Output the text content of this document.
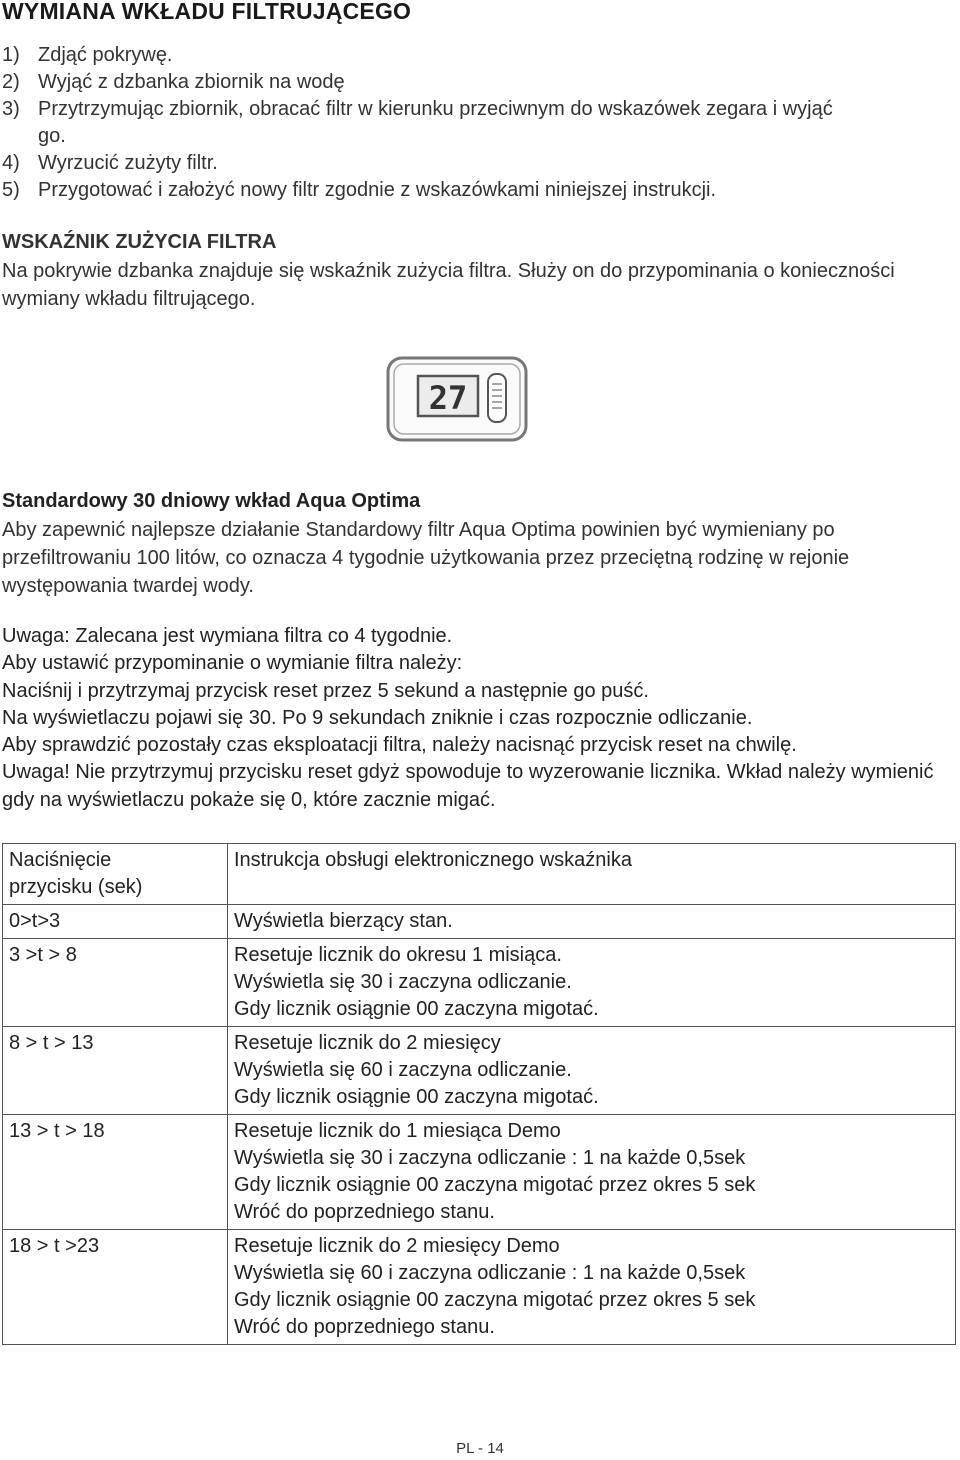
WYMIANA WKŁADU FILTRUJĄCEGO
1) Zdjąć pokrywę.
2) Wyjąć z dzbanka zbiornik na wodę
3) Przytrzymując zbiornik, obracać filtr w kierunku przeciwnym do wskazówek zegara i wyjąć
go.
4) Wyrzucić zużyty filtr.
5) Przygotować i założyć nowy filtr zgodnie z wskazówkami niniejszej instrukcji.
WSKAŹNIK ZUŻYCIA FILTRA

Na pokrywie dzbanka znajduje się wskaźnik zużycia filtra. Służy on do przypominania o konieczności wymiany wkładu filtrującego.

27
Standardowy 30 dniowy wkład Aqua Optima

Aby zapewnić najlepsze działanie Standardowy filtr Aqua Optima powinien być wymieniany po przefiltrowaniu 100 litów, co oznacza 4 tygodnie użytkowania przez przeciętną rodzinę w rejonie występowania twardej wody.

Uwaga: Zalecana jest wymiana filtra co 4 tygodnie.
Aby ustawić przypominanie o wymianie filtra należy:
Naciśnij i przytrzymaj przycisk reset przez 5 sekund a następnie go puść.
Na wyświetlaczu pojawi się 30. Po 9 sekundach zniknie i czas rozpocznie odliczanie.
Aby sprawdzić pozostały czas eksploatacji filtra, należy nacisnąć przycisk reset na chwilę.
Uwaga! Nie przytrzymuj przycisku reset gdyż spowoduje to wyzerowanie licznika. Wkład należy wymienić gdy na wyświetlaczu pokaże się 0, które zacznie migać.
Naciśnięcie
przycisku (sek)	Instrukcja obsługi elektronicznego wskaźnika

0>t>3	Wyświetla bierzący stan.

3 >t > 8	Resetuje licznik do okresu 1 misiąca.
Wyświetla się 30 i zaczyna odliczanie.
Gdy licznik osiągnie 00 zaczyna migotać.

8 > t > 13	Resetuje licznik do 2 miesięcy
Wyświetla się 60 i zaczyna odliczanie.
Gdy licznik osiągnie 00 zaczyna migotać.

13 > t > 18	Resetuje licznik do 1 miesiąca Demo
Wyświetla się 30 i zaczyna odliczanie : 1 na każde 0,5sek
Gdy licznik osiągnie 00 zaczyna migotać przez okres 5 sek
Wróć do poprzedniego stanu.

18 > t >23	Resetuje licznik do 2 miesięcy Demo
Wyświetla się 60 i zaczyna odliczanie : 1 na każde 0,5sek
Gdy licznik osiągnie 00 zaczyna migotać przez okres 5 sek
Wróć do poprzedniego stanu.
PL - 14
